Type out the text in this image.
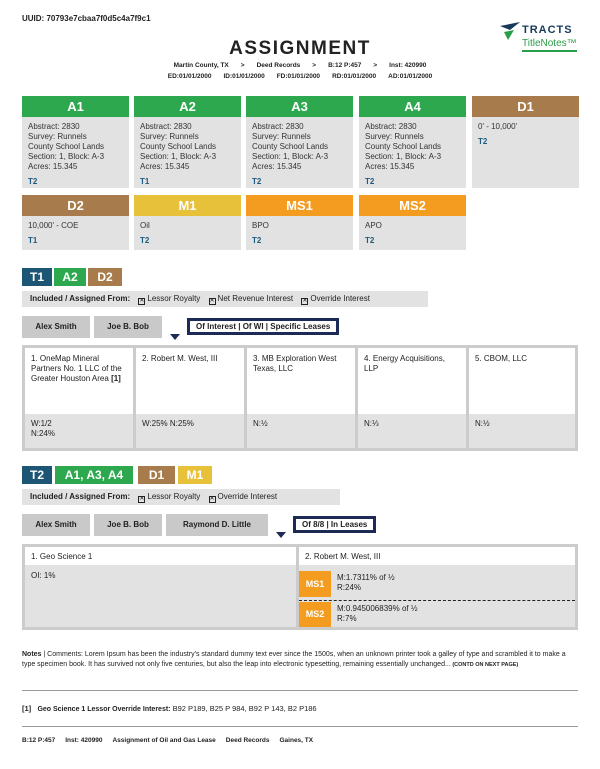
UUID: 70793e7cbaa7f0d5c4a7f9c1
TRACTS
TitleNotes™
ASSIGNMENT
Martin County, TX > Deed Records > B:12 P:457 > Inst: 420990
ED:01/01/2000 ID:01/01/2000 FD:01/01/2000 RD:01/01/2000 AD:01/01/2000
A1
Abstract: 2830
Survey: Runnels
County School Lands
Section: 1, Block: A-3
Acres: 15.345
T2
A2
Abstract: 2830
Survey: Runnels
County School Lands
Section: 1, Block: A-3
Acres: 15.345
T1
A3
Abstract: 2830
Survey: Runnels
County School Lands
Section: 1, Block: A-3
Acres: 15.345
T2
A4
Abstract: 2830
Survey: Runnels
County School Lands
Section: 1, Block: A-3
Acres: 15.345
T2
D1
0' - 10,000'
T2
D2
10,000' - COE
T1
M1
Oil
T2
MS1
BPO
T2
MS2
APO
T2
T1	A2	D2
Included / Assigned From: ✕ Lessor Royalty ✕ Net Revenue Interest ✕ Override Interest
Alex Smith	Joe B. Bob	Of Interest | Of WI | Specific Leases
1. OneMap Mineral Partners No. 1 LLC of the Greater Houston Area [1]
W:1/2
N:24%
2. Robert M. West, III
W:25% N:25%
3. MB Exploration West Texas, LLC
N:½
4. Energy Acquisitions, LLP
N:⅓
5. CBOM, LLC
N:½
T2	A1, A3, A4	D1	M1
Included / Assigned From: ✕ Lessor Royalty ✕ Override Interest
Alex Smith	Joe B. Bob	Raymond D. Little	Of 8/8 | In Leases
1. Geo Science 1
OI: 1%
2. Robert M. West, III
MS1
M:1.7311% of ½
R:24%
MS2
M:0.945006839% of ½
R:7%
Notes | Comments: Lorem Ipsum has been the industry's standard dummy text ever since the 1500s, when an unknown printer took a galley of type and scrambled it to make a type specimen book. It has survived not only five centuries, but also the leap into electronic typesetting, remaining essentially unchanged... (CONTD ON NEXT PAGE)
[1] Geo Science 1 Lessor Override Interest: B92 P189, B25 P 984, B92 P 143, B2 P186
B:12 P:457 Inst: 420990 Assignment of Oil and Gas Lease Deed Records Gaines, TX
